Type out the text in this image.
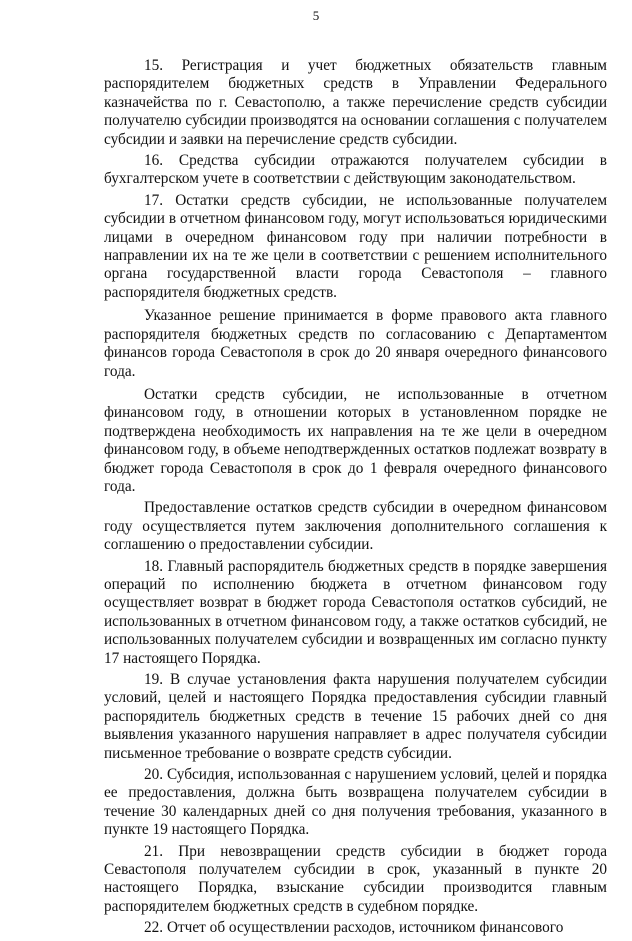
5

15. Регистрация и учет бюджетных обязательств главным распорядителем бюджетных средств в Управлении Федерального казначейства по г. Севастополю, а также перечисление средств субсидии получателю субсидии производятся на основании соглашения с получателем субсидии и заявки на перечисление средств субсидии.

16. Средства субсидии отражаются получателем субсидии в бухгалтерском учете в соответствии с действующим законодательством.

17. Остатки средств субсидии, не использованные получателем субсидии в отчетном финансовом году, могут использоваться юридическими лицами в очередном финансовом году при наличии потребности в направлении их на те же цели в соответствии с решением исполнительного органа государственной власти города Севастополя – главного распорядителя бюджетных средств.

Указанное решение принимается в форме правового акта главного распорядителя бюджетных средств по согласованию с Департаментом финансов города Севастополя в срок до 20 января очередного финансового года.

Остатки средств субсидии, не использованные в отчетном финансовом году, в отношении которых в установленном порядке не подтверждена необходимость их направления на те же цели в очередном финансовом году, в объеме неподтвержденных остатков подлежат возврату в бюджет города Севастополя в срок до 1 февраля очередного финансового года.

Предоставление остатков средств субсидии в очередном финансовом году осуществляется путем заключения дополнительного соглашения к соглашению о предоставлении субсидии.

18. Главный распорядитель бюджетных средств в порядке завершения операций по исполнению бюджета в отчетном финансовом году осуществляет возврат в бюджет города Севастополя остатков субсидий, не использованных в отчетном финансовом году, а также остатков субсидий, не использованных получателем субсидии и возвращенных им согласно пункту 17 настоящего Порядка.

19. В случае установления факта нарушения получателем субсидии условий, целей и настоящего Порядка предоставления субсидии главный распорядитель бюджетных средств в течение 15 рабочих дней со дня выявления указанного нарушения направляет в адрес получателя субсидии письменное требование о возврате средств субсидии.

20. Субсидия, использованная с нарушением условий, целей и порядка ее предоставления, должна быть возвращена получателем субсидии в течение 30 календарных дней со дня получения требования, указанного в пункте 19 настоящего Порядка.

21. При невозвращении средств субсидии в бюджет города Севастополя получателем субсидии в срок, указанный в пункте 20 настоящего Порядка, взыскание субсидии производится главным распорядителем бюджетных средств в судебном порядке.

22. Отчет об осуществлении расходов, источником финансового
